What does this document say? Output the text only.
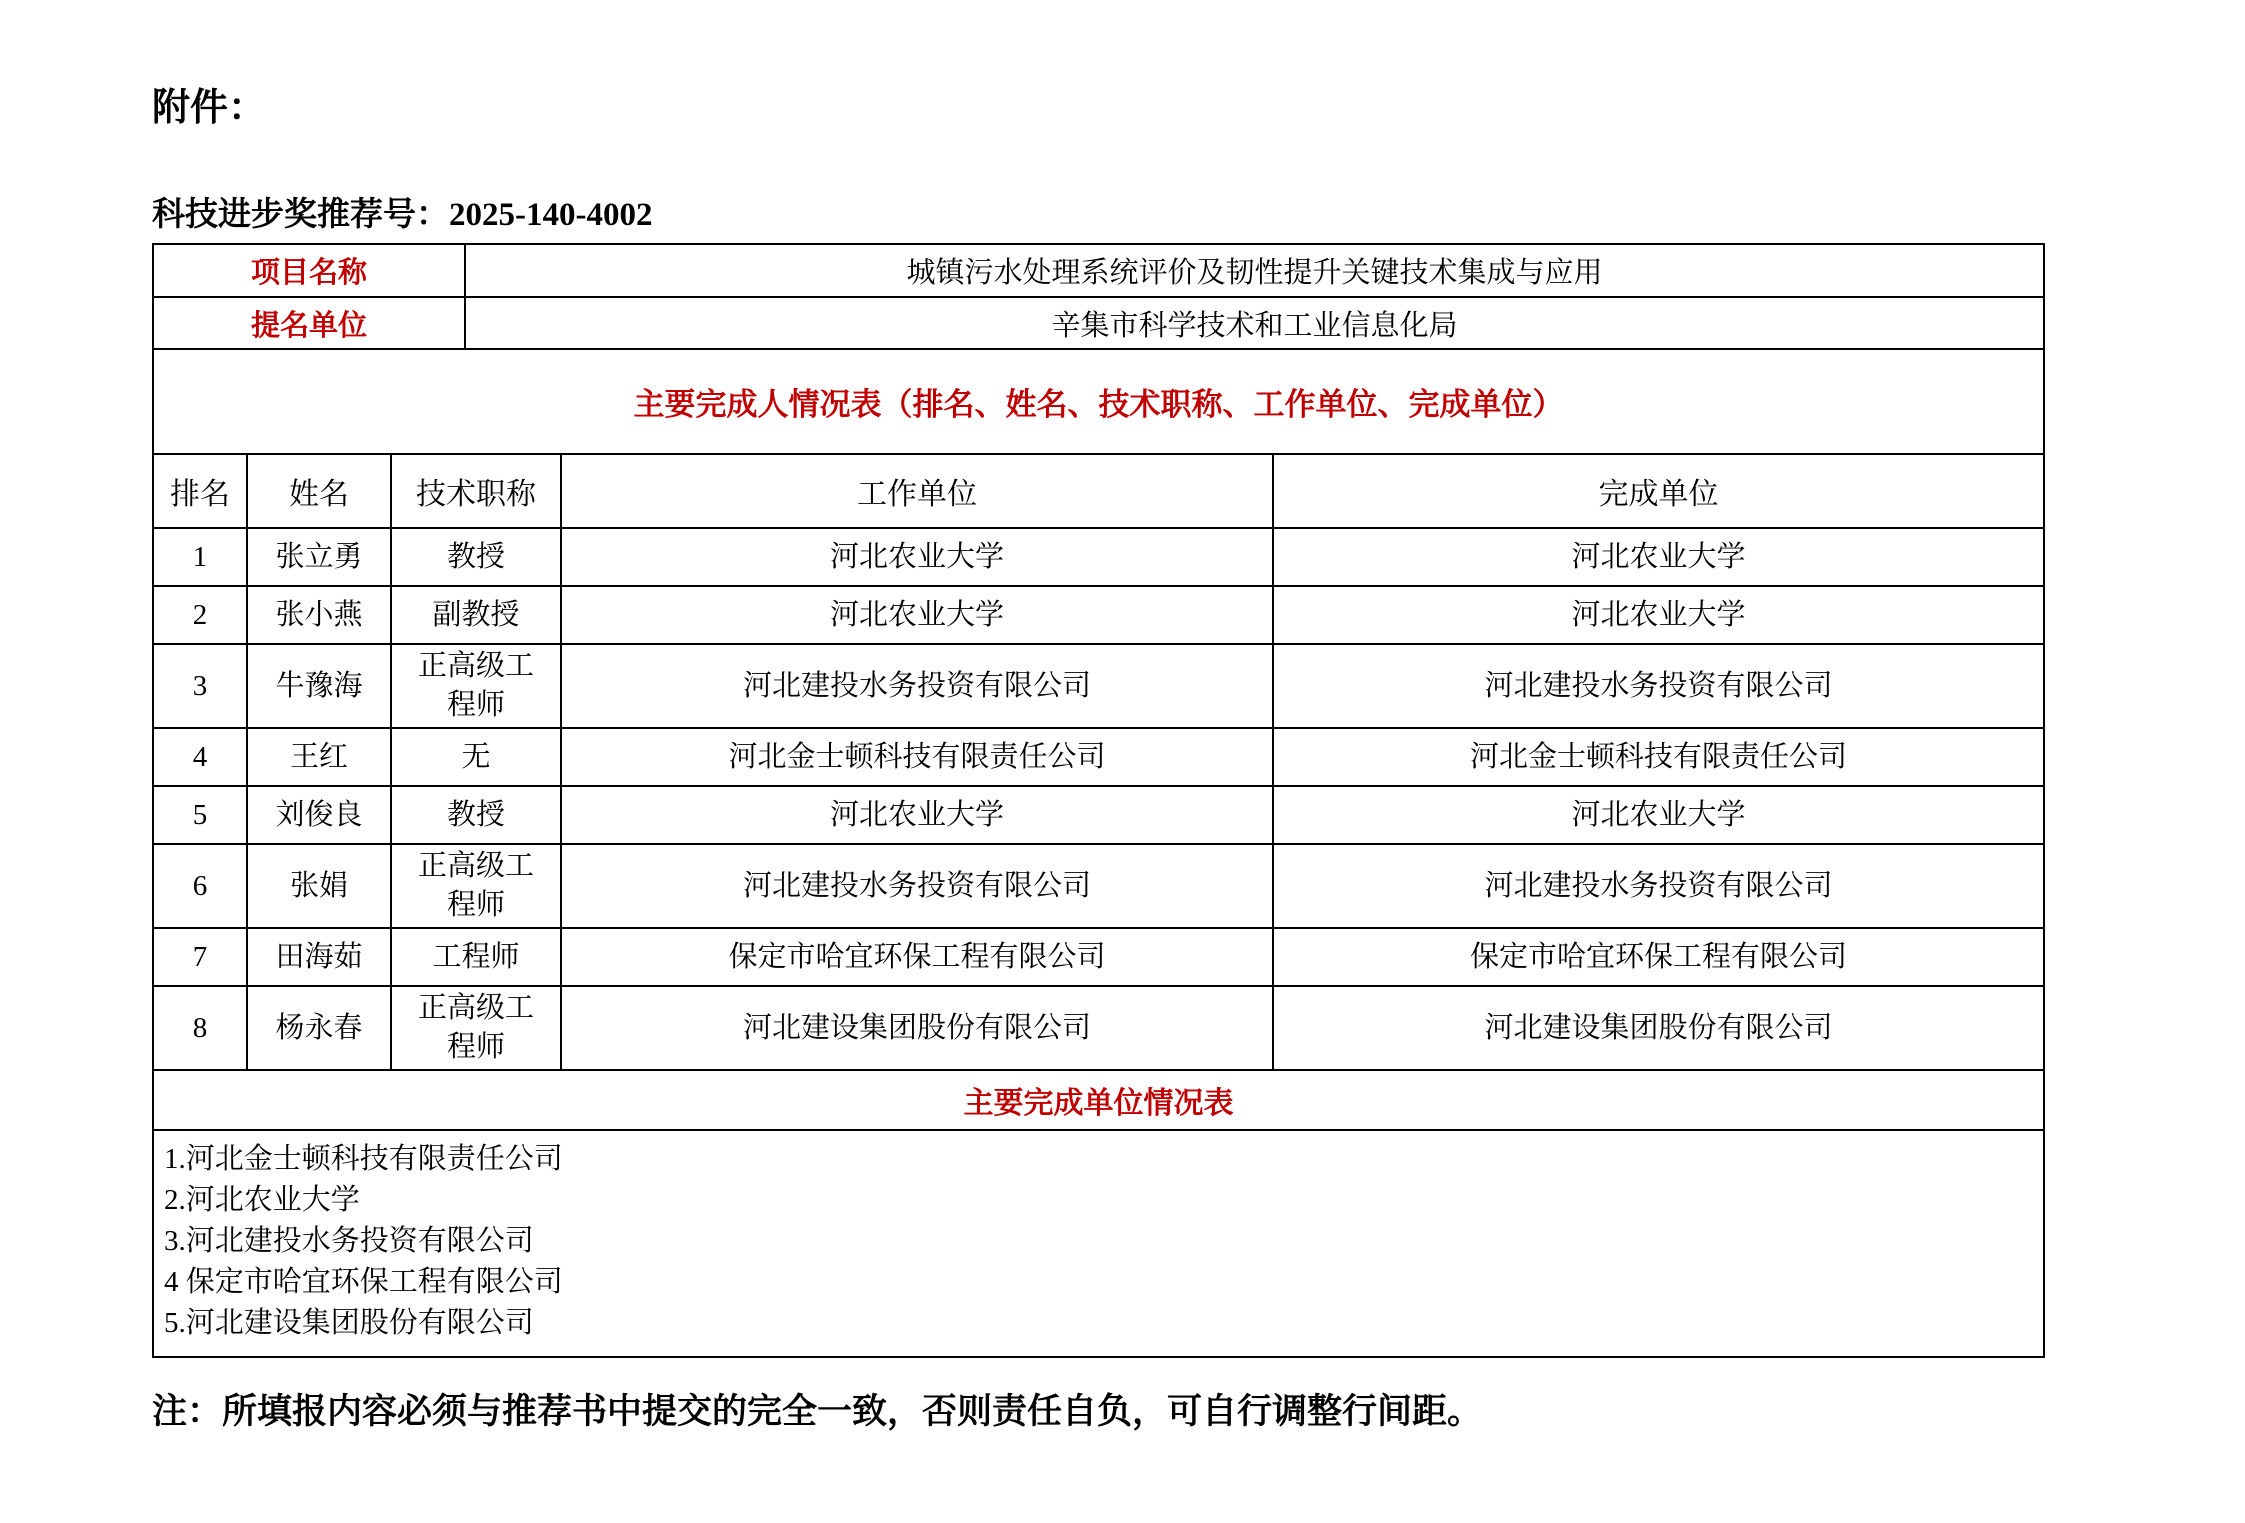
附件：
科技进步奖推荐号：2025-140-4002
项目名称	城镇污水处理系统评价及韧性提升关键技术集成与应用
提名单位	辛集市科学技术和工业信息化局
主要完成人情况表（排名、姓名、技术职称、工作单位、完成单位）
排名	姓名	技术职称	工作单位	完成单位
1	张立勇	教授	河北农业大学	河北农业大学
2	张小燕	副教授	河北农业大学	河北农业大学
3	牛豫海	正高级工程师	河北建投水务投资有限公司	河北建投水务投资有限公司
4	王红	无	河北金士顿科技有限责任公司	河北金士顿科技有限责任公司
5	刘俊良	教授	河北农业大学	河北农业大学
6	张娟	正高级工程师	河北建投水务投资有限公司	河北建投水务投资有限公司
7	田海茹	工程师	保定市哈宜环保工程有限公司	保定市哈宜环保工程有限公司
8	杨永春	正高级工程师	河北建设集团股份有限公司	河北建设集团股份有限公司
主要完成单位情况表
1.河北金士顿科技有限责任公司
2.河北农业大学
3.河北建投水务投资有限公司
4 保定市哈宜环保工程有限公司
5.河北建设集团股份有限公司
注：所填报内容必须与推荐书中提交的完全一致，否则责任自负，可自行调整行间距。
